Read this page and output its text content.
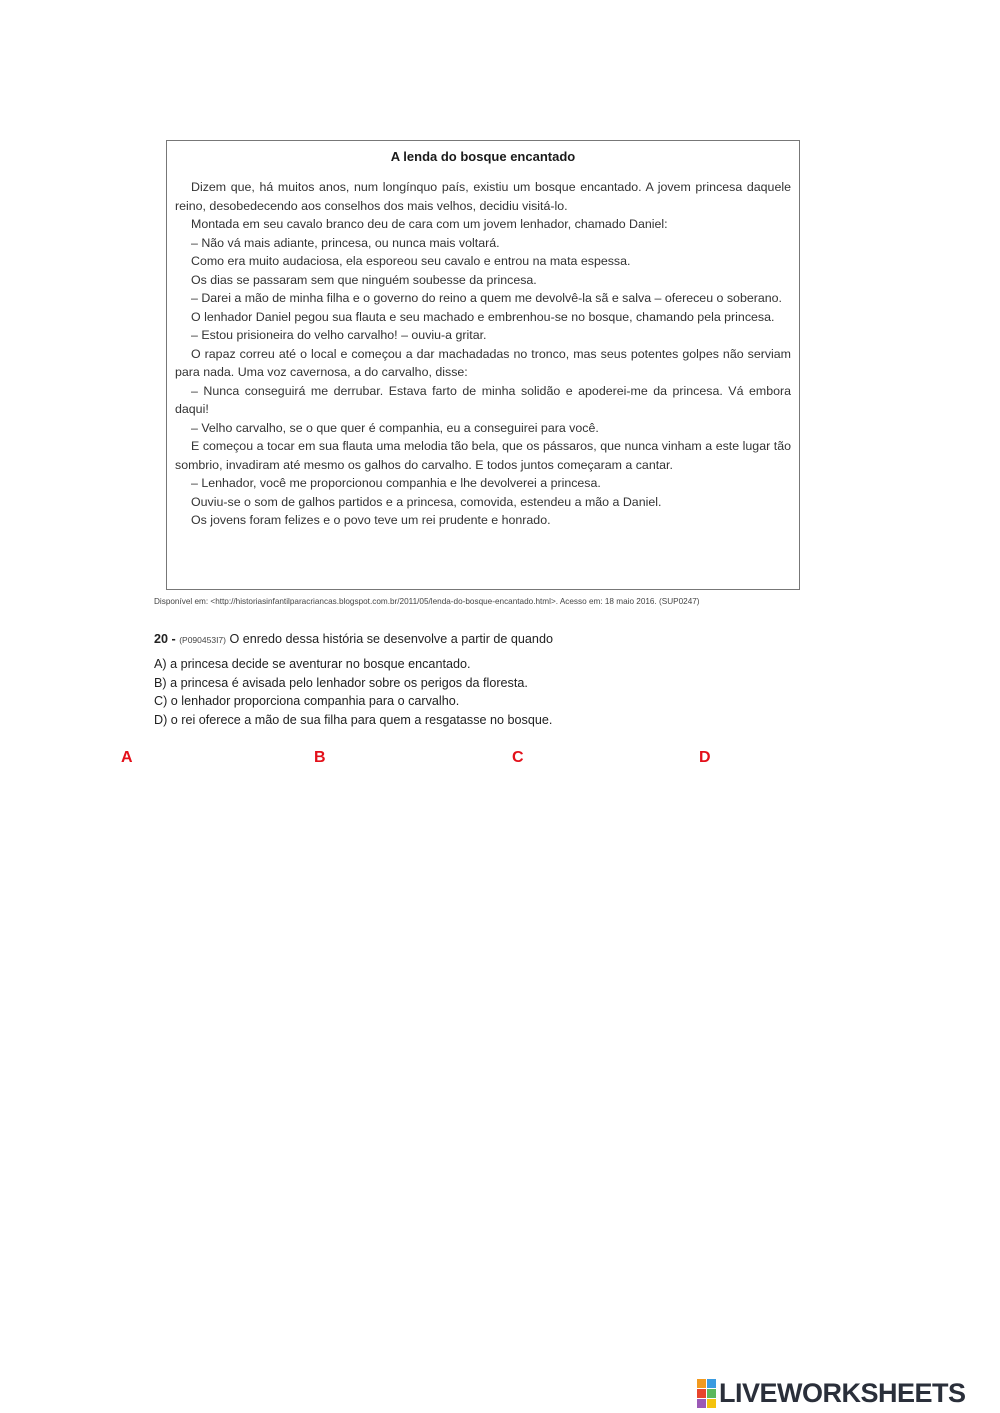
A lenda do bosque encantado

Dizem que, há muitos anos, num longínquo país, existiu um bosque encantado. A jovem princesa daquele reino, desobedecendo aos conselhos dos mais velhos, decidiu visitá-lo.

Montada em seu cavalo branco deu de cara com um jovem lenhador, chamado Daniel:

– Não vá mais adiante, princesa, ou nunca mais voltará.

Como era muito audaciosa, ela esporeou seu cavalo e entrou na mata espessa.

Os dias se passaram sem que ninguém soubesse da princesa.

– Darei a mão de minha filha e o governo do reino a quem me devolvê-la sã e salva – ofereceu o soberano.

O lenhador Daniel pegou sua flauta e seu machado e embrenhou-se no bosque, chamando pela princesa.

– Estou prisioneira do velho carvalho! – ouviu-a gritar.

O rapaz correu até o local e começou a dar machadadas no tronco, mas seus potentes golpes não serviam para nada. Uma voz cavernosa, a do carvalho, disse:

– Nunca conseguirá me derrubar. Estava farto de minha solidão e apoderei-me da princesa. Vá embora daqui!

– Velho carvalho, se o que quer é companhia, eu a conseguirei para você.

E começou a tocar em sua flauta uma melodia tão bela, que os pássaros, que nunca vinham a este lugar tão sombrio, invadiram até mesmo os galhos do carvalho. E todos juntos começaram a cantar.

– Lenhador, você me proporcionou companhia e lhe devolverei a princesa.

Ouviu-se o som de galhos partidos e a princesa, comovida, estendeu a mão a Daniel.

Os jovens foram felizes e o povo teve um rei prudente e honrado.

Disponível em: <http://historiasinfantilparacriancas.blogspot.com.br/2011/05/lenda-do-bosque-encantado.html>. Acesso em: 18 maio 2016. (SUP0247)
20 - (P090453I7) O enredo dessa história se desenvolve a partir de quando
A) a princesa decide se aventurar no bosque encantado.
B) a princesa é avisada pelo lenhador sobre os perigos da floresta.
C) o lenhador proporciona companhia para o carvalho.
D) o rei oferece a mão de sua filha para quem a resgatasse no bosque.
A	B	C	D
LIVEWORKSHEETS
